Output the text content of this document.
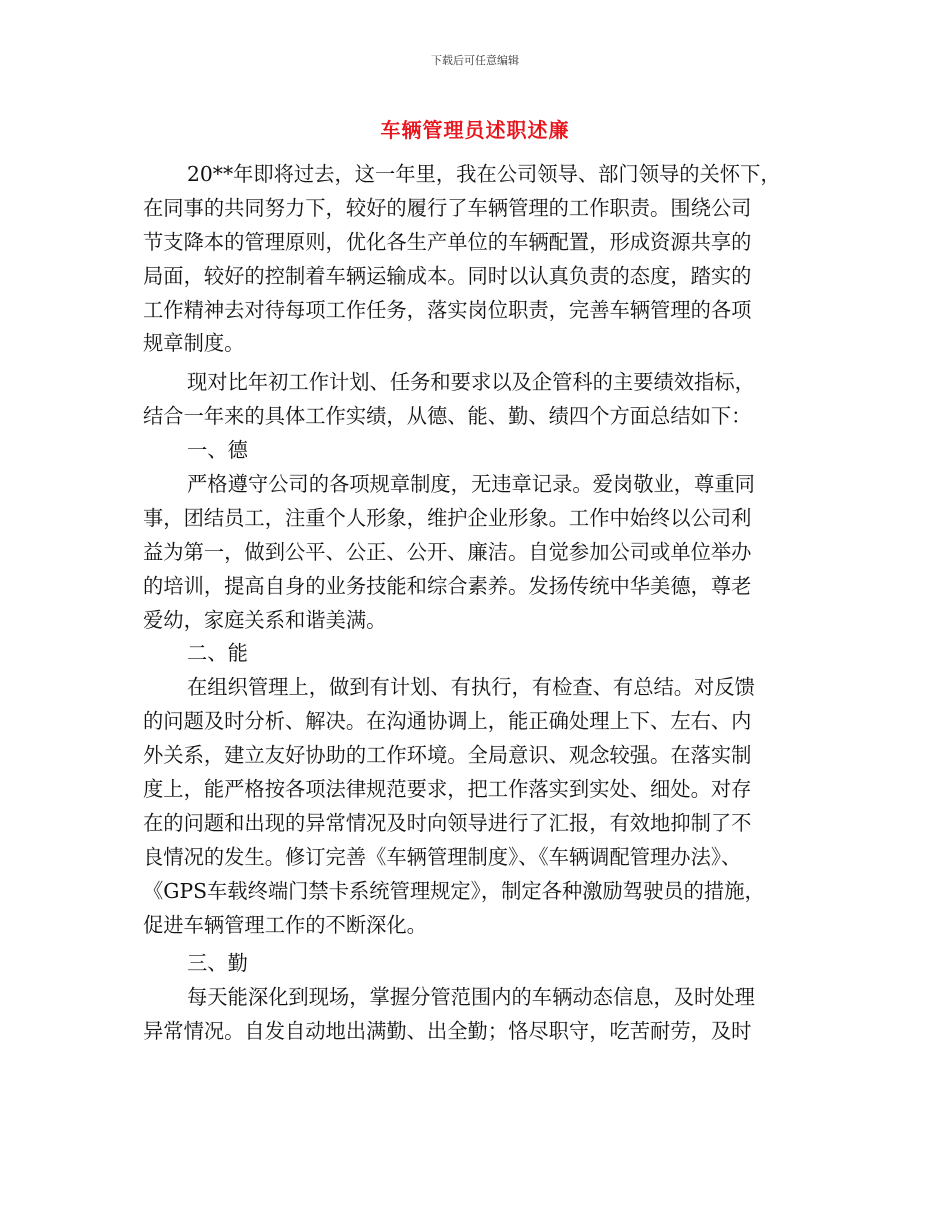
下载后可任意编辑
车辆管理员述职述廉
20**年即将过去，这一年里，我在公司领导、部门领导的关怀下，
在同事的共同努力下，较好的履行了车辆管理的工作职责。围绕公司
节支降本的管理原则，优化各生产单位的车辆配置，形成资源共享的
局面，较好的控制着车辆运输成本。同时以认真负责的态度，踏实的
工作精神去对待每项工作任务，落实岗位职责，完善车辆管理的各项
规章制度。
现对比年初工作计划、任务和要求以及企管科的主要绩效指标，
结合一年来的具体工作实绩，从德、能、勤、绩四个方面总结如下：
一、德
严格遵守公司的各项规章制度，无违章记录。爱岗敬业，尊重同
事，团结员工，注重个人形象，维护企业形象。工作中始终以公司利
益为第一，做到公平、公正、公开、廉洁。自觉参加公司或单位举办
的培训，提高自身的业务技能和综合素养。发扬传统中华美德，尊老
爱幼，家庭关系和谐美满。
二、能
在组织管理上，做到有计划、有执行，有检查、有总结。对反馈
的问题及时分析、解决。在沟通协调上，能正确处理上下、左右、内
外关系，建立友好协助的工作环境。全局意识、观念较强。在落实制
度上，能严格按各项法律规范要求，把工作落实到实处、细处。对存
在的问题和出现的异常情况及时向领导进行了汇报，有效地抑制了不
良情况的发生。修订完善《车辆管理制度》、《车辆调配管理办法》、
《GPS车载终端门禁卡系统管理规定》，制定各种激励驾驶员的措施，
促进车辆管理工作的不断深化。
三、勤
每天能深化到现场，掌握分管范围内的车辆动态信息，及时处理
异常情况。自发自动地出满勤、出全勤；恪尽职守，吃苦耐劳，及时
